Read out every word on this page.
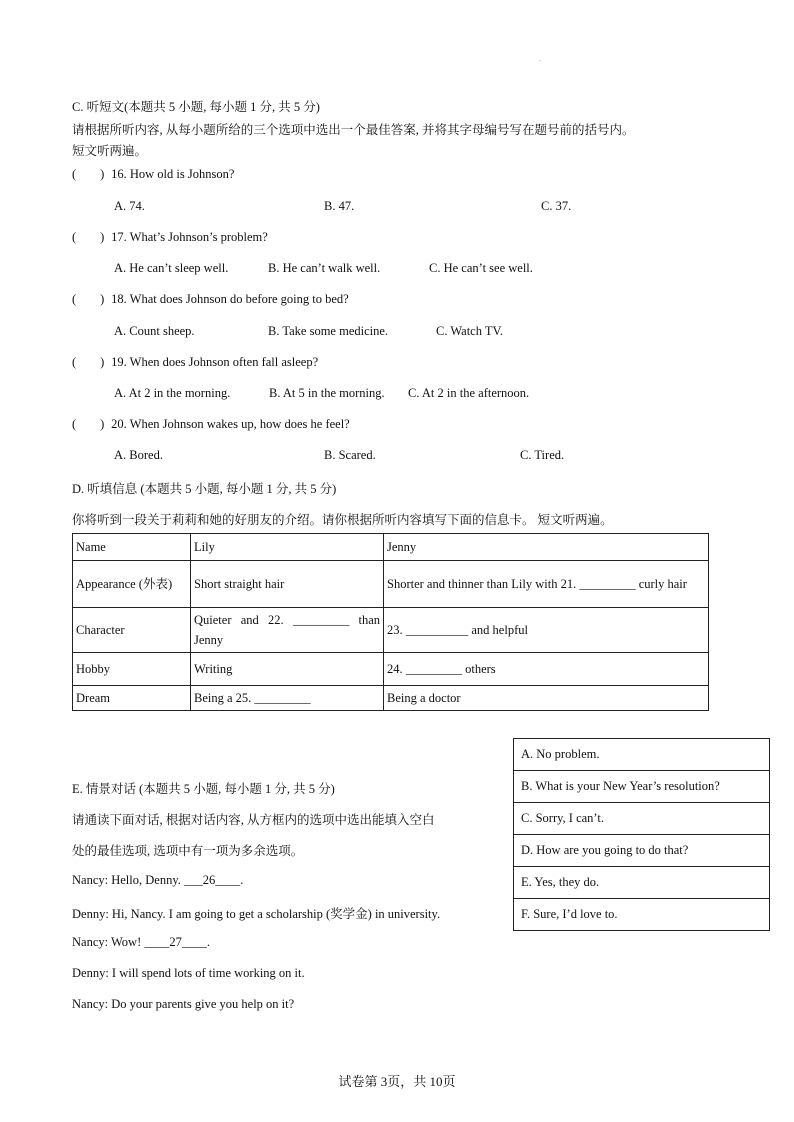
.
C. 听短文(本题共 5 小题, 每小题 1 分, 共 5 分)
请根据所听内容, 从每小题所给的三个选项中选出一个最佳答案, 并将其字母编号写在题号前的括号内。
短文听两遍。
( ) 16. How old is Johnson?
A. 74.	B. 47.	C. 37.
( ) 17. What’s Johnson’s problem?
A. He can’t sleep well.	B. He can’t walk well.	C. He can’t see well.
( ) 18. What does Johnson do before going to bed?
A. Count sheep.	B. Take some medicine.	C. Watch TV.
( ) 19. When does Johnson often fall asleep?
A. At 2 in the morning.	B. At 5 in the morning. C. At 2 in the afternoon.
( ) 20. When Johnson wakes up, how does he feel?
A. Bored.	B. Scared.	C. Tired.
D. 听填信息 (本题共 5 小题, 每小题 1 分, 共 5 分)
你将听到一段关于莉莉和她的好朋友的介绍。请你根据所听内容填写下面的信息卡。 短文听两遍。
Name	Lily	Jenny
Appearance (外表)	Short straight hair	Shorter and thinner than Lily with 21. _________ curly hair
Character	Quieter and 22. _________ than Jenny	23. __________ and helpful
Hobby	Writing	24. _________ others
Dream	Being a 25. _________	Being a doctor
A. No problem.
B. What is your New Year’s resolution?
C. Sorry, I can’t.
D. How are you going to do that?
E. Yes, they do.
F. Sure, I’d love to.
E. 情景对话 (本题共 5 小题, 每小题 1 分, 共 5 分)
请通读下面对话, 根据对话内容, 从方框内的选项中选出能填入空白
处的最佳选项, 选项中有一项为多余选项。
Nancy: Hello, Denny. ___26____.
Denny: Hi, Nancy. I am going to get a scholarship (奖学金) in university.
Nancy: Wow! ____27____.
Denny: I will spend lots of time working on it.
Nancy: Do your parents give you help on it?
试卷第 3页，共 10页
